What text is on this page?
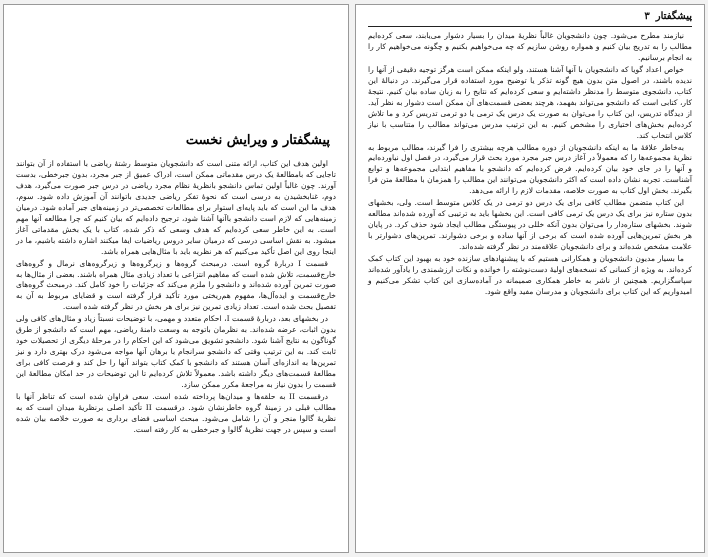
پیشگفتار و ویرایش نخست

اولین هدف این کتاب، ارائه متنی است که دانشجویان متوسط رشتهٔ ریاضی با استفاده از آن بتوانند تاجایی که بامطالعهٔ یک درس مقدماتی ممکن است، ادراک عمیق از جبر مجرد، بدون جبرخطی، بدست آورند. چون غالباً اولین تماس دانشجو بانظریهٔ نظام مجرد ریاضی در درس جبر صورت می‌گیرد، هدف دوم، غنابخشیدن به درسی است که نحوهٔ تفکر ریاضی جدیدی باتوانند آن آموزش داده شود. سوم، هدف ما این است که باید پایه‌ای استوار برای مطالعات تخصصی‌تر در زمینه‌های جبر آماده شود. درمیان زمینه‌هایی که لازم است دانشجو باآنها آشنا شود، ترجیح داده‌ایم که بیان کنیم که چرا مطالعه آنها مهم است. به این خاطر سعی کرده‌ایم که هدف وسعی که ذکر شده، کتاب با یک بخش مقدماتی آغاز میشود. به نقش اساسی درسی که درمیان سایر دروس ریاضیات ایفا میکنند اشاره داشته باشیم، ما در اینجا روی این اصل تأکید می‌کنیم که هر نظریه باید با مثال‌هایی همراه باشد.

قسمت I دربارهٔ گروه است. درمبحث گروه‌ها و زیرگروه‌ها و زیرگروه‌های نرمال و گروه‌های خارج‌قسمت، تلاش شده است که مفاهیم انتزاعی با تعداد زیادی مثال همراه باشند. بعضی از مثال‌ها به صورت تمرین آورده شده‌اند و دانشجو را ملزم می‌کند که جزئیات را خود کامل کند. درمبحث گروه‌های خارج‌قسمت و ایده‌آل‌ها، مفهوم هم‌ریختی مورد تأکید قرار گرفته است و قضایای مربوط به آن به تفصیل بحث شده است. تعداد زیادی تمرین نیز برای هر بخش در نظر گرفته شده است.

در بخشهای بعد، دربارهٔ قسمت I، احکام متعدد و مهمی، با توضیحات نسبتاً زیاد و مثال‌های کافی ولی بدون اثبات، عرضه شده‌اند. به نظرمان باتوجه به وسعت دامنهٔ ریاضی، مهم است که دانشجو از طرق گوناگون به نتایج آشنا شود. دانشجو تشویق می‌شود که این احکام را در مرحلهٔ دیگری از تحصیلات خود ثابت کند. به این ترتیب وقتی که دانشجو سرانجام با برهان آنها مواجه می‌شود درک بهتری دارد و نیز تمرین‌ها به اندازه‌ای آسان هستند که دانشجو با کمک کتاب بتواند آنها را حل کند و فرصت کافی برای مطالعهٔ قسمت‌های دیگر داشته باشد. معمولاً تلاش کرده‌ایم تا این توضیحات در حد امکان مطالعهٔ این قسمت را بدون نیاز به مراجعهٔ مکرر ممکن سازد.

درقسمت II به حلقه‌ها و میدان‌ها پرداخته شده است. سعی فراوان شده است که تناظر آنها با مطالب قبلی در زمینهٔ گروه خاطرنشان شود. درقسمت II تأکید اصلی برنظریهٔ میدان است که به نظریهٔ گالوا منجر و آن را شامل می‌شود. مبحث اساسی فضای برداری به صورت خلاصه بیان شده است و سپس در جهت نظریهٔ گالوا و جبرخطی به کار رفته است.

پیشگفتار
۳

نیازمند مطرح می‌شود. چون دانشجویان غالباً نظریهٔ میدان را بسیار دشوار می‌یابند، سعی کرده‌ایم مطالب را به تدریج بیان کنیم و همواره روشن سازیم که چه می‌خواهیم بکنیم و چگونه می‌خواهیم کار را به انجام برسانیم.

خواص اعداد گویا که دانشجویان با آنها آشنا هستند، ولو اینکه ممکن است هرگز توجیه دقیقی از آنها را ندیده باشند، در اصول متن بدون هیچ گونه تذکر یا توضیح مورد استفاده قرار می‌گیرند. در دنبالهٔ این کتاب، دانشجوی متوسط را مدنظر داشته‌ایم و سعی کرده‌ایم که نتایج را به زبان ساده بیان کنیم. نتیجهٔ کار، کتابی است که دانشجو می‌تواند بفهمد، هرچند بعضی قسمت‌های آن ممکن است دشوار به نظر آید. از دیدگاه تدریس، این کتاب را می‌توان به صورت یک درس یک ترمی یا دو ترمی تدریس کرد و ما تلاش کرده‌ایم بخش‌های اختیاری را مشخص کنیم. به این ترتیب مدرس می‌تواند مطالب را متناسب با نیاز کلاس انتخاب کند.

به‌خاطر علاقهٔ ما به اینکه دانشجویان از دوره مطالب هرچه بیشتری را فرا گیرند، مطالب مربوط به نظریهٔ مجموعه‌ها را که معمولاً در آغاز درس جبر مجرد مورد بحث قرار می‌گیرد، در فصل اول نیاورده‌ایم و آنها را در جای خود بیان کرده‌ایم. فرض کرده‌ایم که دانشجو با مفاهیم ابتدایی مجموعه‌ها و توابع آشناست. تجربه نشان داده است که اکثر دانشجویان می‌توانند این مطالب را همزمان با مطالعهٔ متن فرا بگیرند. بخش اول کتاب به صورت خلاصه، مقدمات لازم را ارائه می‌دهد.

این کتاب متضمن مطالب کافی برای یک درس دو ترمی در یک کلاس متوسط است. ولی، بخشهای بدون ستاره نیز برای یک درس یک ترمی کافی است. این بخشها باید به ترتیبی که آورده شده‌اند مطالعه شوند. بخشهای ستاره‌دار را می‌توان بدون آنکه خللی در پیوستگی مطالب ایجاد شود حذف کرد. در پایان هر بخش تمرین‌هایی آورده شده است که برخی از آنها ساده و برخی دشوارند. تمرین‌های دشوارتر با علامت مشخص شده‌اند و برای دانشجویان علاقه‌مند در نظر گرفته شده‌اند.

ما بسیار مدیون دانشجویان و همکارانی هستیم که با پیشنهادهای سازنده خود به بهبود این کتاب کمک کرده‌اند. به ویژه از کسانی که نسخه‌های اولیهٔ دست‌نوشته را خوانده و نکات ارزشمندی را یادآور شده‌اند سپاسگزاریم. همچنین از ناشر به خاطر همکاری صمیمانه در آماده‌سازی این کتاب تشکر می‌کنیم و امیدواریم که این کتاب برای دانشجویان و مدرسان مفید واقع شود.
